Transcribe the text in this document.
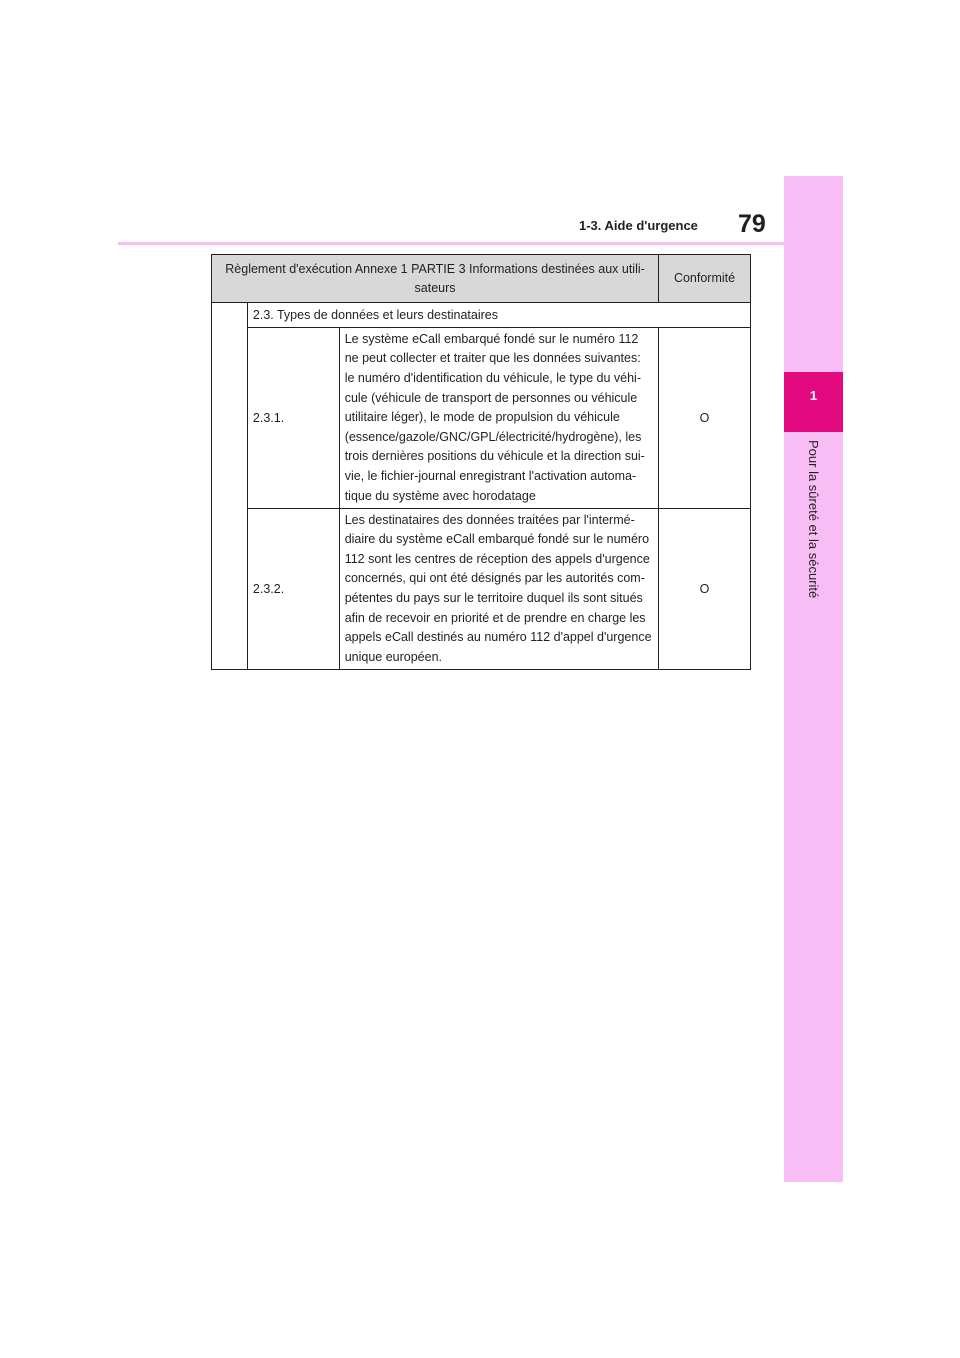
1
Pour la sûreté et la sécurité
1-3. Aide d'urgence 79
Règlement d'exécution Annexe 1 PARTIE 3 Informations destinées aux utili-sateurs			Conformité
	2.3. Types de données et leurs destinataires		
	2.3.1.	Le système eCall embarqué fondé sur le numéro 112 ne peut collecter et traiter que les données suivantes: le numéro d'identification du véhicule, le type du véhi-cule (véhicule de transport de personnes ou véhicule utilitaire léger), le mode de propulsion du véhicule (essence/gazole/GNC/GPL/électricité/hydrogène), les trois dernières positions du véhicule et la direction sui-vie, le fichier-journal enregistrant l'activation automa-tique du système avec horodatage	O
	2.3.2.	Les destinataires des données traitées par l'intermé-diaire du système eCall embarqué fondé sur le numéro 112 sont les centres de réception des appels d'urgence concernés, qui ont été désignés par les autorités com-pétentes du pays sur le territoire duquel ils sont situés afin de recevoir en priorité et de prendre en charge les appels eCall destinés au numéro 112 d'appel d'urgence unique européen.	O
